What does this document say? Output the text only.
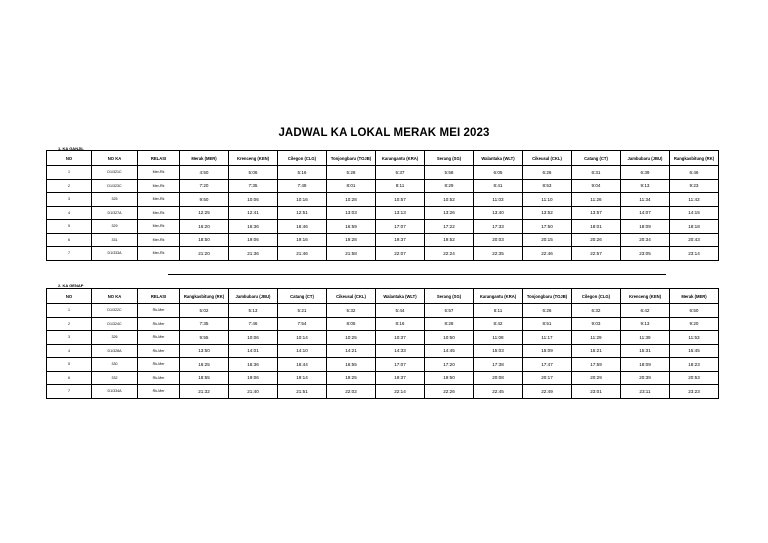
JADWAL KA LOKAL MERAK MEI 2023
1. KA GANJIL
NO	NO KA	RELASI	Merak (MER)	Krenceng (KEN)	Cilegon (CLG)	Tonjongbaru (TOJB)	Karangantu (KRA)	Serang (SG)	Walantaka (WLT)	Cikeusal (CKL)	Catang (CT)	Jambubaru (JBU)	Rangkasbitung (RK)
1	D1/321C	Mer-Rk	4:50	5:06	5:16	5:28	5:37	5:58	6:05	6:26	6:31	6:39	6:46
2	D1/323C	Mer-Rk	7:20	7:35	7:49	8:01	8:11	8:29	8:41	8:53	9:04	9:13	9:23
3	325	Mer-Rk	9:50	10:06	10:16	10:28	10:57	10:52	11:03	11:10	11:26	11:34	11:43
4	D1/327A	Mer-Rk	12:25	12:41	12:51	13:03	13:13	13:26	13:40	13:52	13:57	14:07	14:15
5	329	Mer-Rk	16:20	16:36	16:46	16:59	17:07	17:22	17:33	17:50	18:01	18:09	18:18
6	331	Mer-Rk	18:50	19:06	19:16	19:28	19:37	19:52	20:03	20:15	20:26	20:34	20:43
7	D1/333A	Mer-Rk	21:20	21:36	21:46	21:58	22:07	22:24	22:35	22:46	22:57	23:05	23:14
2. KA GENAP
NO	NO KA	RELASI	Rangkasbitung (RK)	Jambubaru (JBU)	Catang (CT)	Cikeusal (CKL)	Walantaka (WLT)	Serang (SG)	Karangantu (KRA)	Tonjongbaru (TOJB)	Cilegon (CLG)	Krenceng (KEN)	Merak (MER)
1	D1/322C	Rk-Mer	5:02	5:13	5:21	5:32	5:44	5:57	6:11	6:26	6:32	6:42	6:50
2	D1/324C	Rk-Mer	7:35	7:46	7:54	8:05	8:16	8:28	8:42	8:51	9:03	9:13	9:20
3	326	Rk-Mer	9:55	10:06	10:14	10:25	10:37	10:50	11:08	11:17	11:29	11:39	11:53
4	D1/328A	Rk-Mer	13:50	14:01	14:10	14:21	14:33	14:45	15:03	15:09	15:21	15:31	15:45
5	330	Rk-Mer	16:25	16:36	16:44	16:55	17:07	17:20	17:38	17:47	17:59	18:09	18:23
6	332	Rk-Mer	18:55	19:06	19:14	19:25	19:37	19:50	20:08	20:17	20:29	20:39	20:53
7	D1/334A	Rk-Mer	21:32	21:40	21:51	22:02	22:14	22:26	22:45	22:49	23:01	23:11	23:23
